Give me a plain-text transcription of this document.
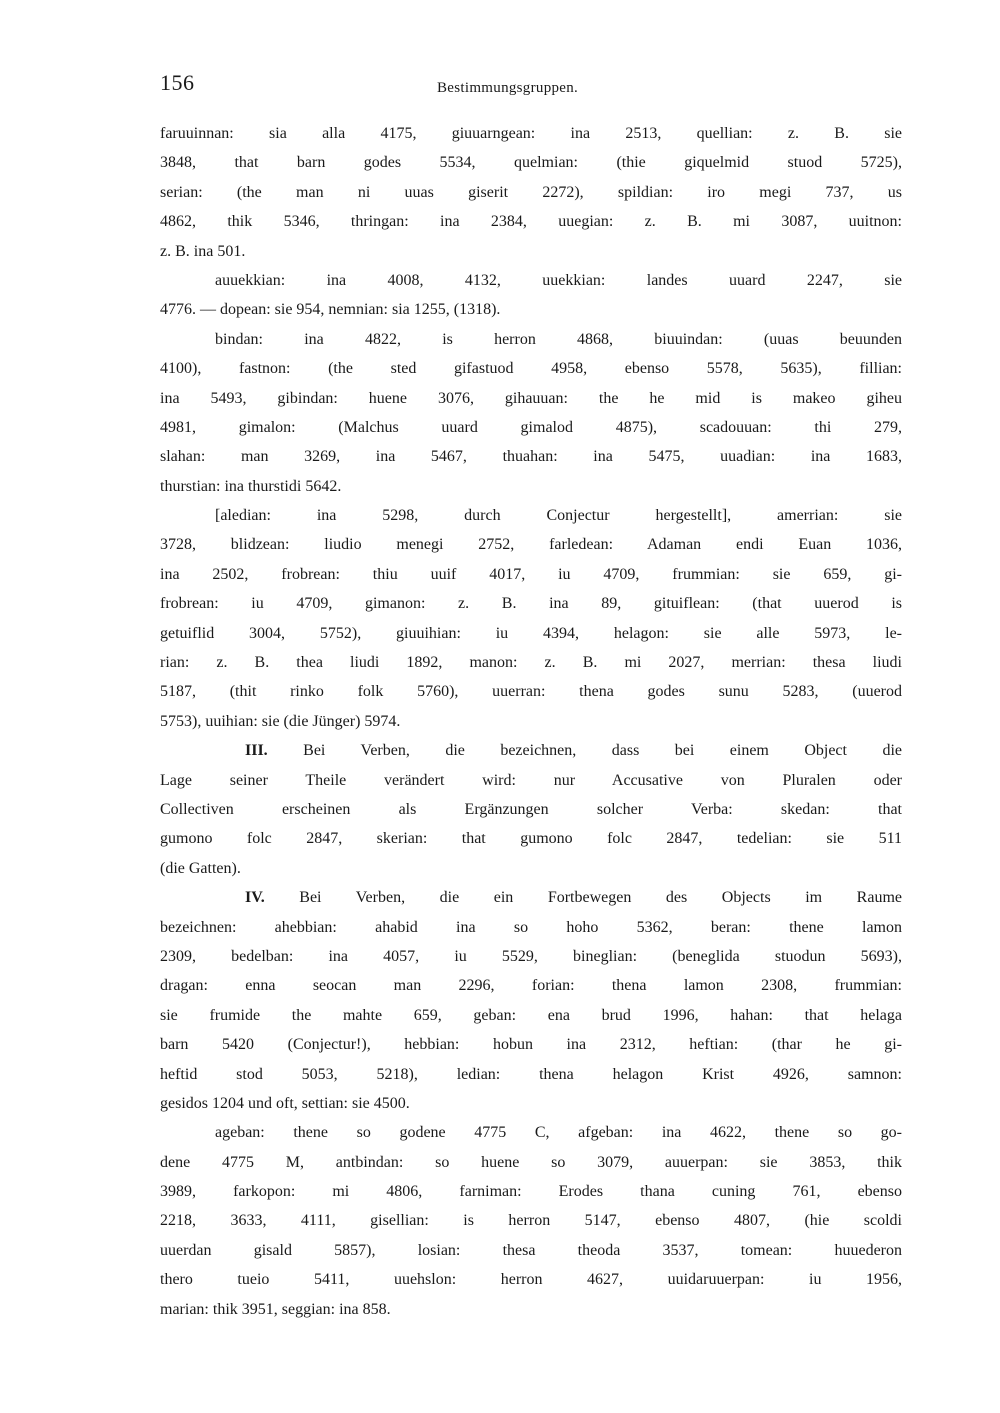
156	Bestimmungsgruppen.
faruuinnan: sia alla 4175, giuuarngean: ina 2513, quellian: z. B. sie
3848, that barn godes 5534, quelmian: (thie giquelmid stuod 5725),
serian: (the man ni uuas giserit 2272), spildian: iro megi 737, us
4862, thik 5346, thringan: ina 2384, uuegian: z. B. mi 3087, uuitnon:
z. B. ina 501.
auuekkian: ina 4008, 4132, uuekkian: landes uuard 2247, sie
4776. — dopean: sie 954, nemnian: sia 1255, (1318).
bindan: ina 4822, is herron 4868, biuuindan: (uuas beuunden
4100), fastnon: (the sted gifastuod 4958, ebenso 5578, 5635), fillian:
ina 5493, gibindan: huene 3076, gihauuan: the he mid is makeo giheu
4981, gimalon: (Malchus uuard gimalod 4875), scadouuan: thi 279,
slahan: man 3269, ina 5467, thuahan: ina 5475, uuadian: ina 1683,
thurstian: ina thurstidi 5642.
[aledian: ina 5298, durch Conjectur hergestellt], amerrian: sie
3728, blidzean: liudio menegi 2752, farledean: Adaman endi Euan 1036,
ina 2502, frobrean: thiu uuif 4017, iu 4709, frummian: sie 659, gi-
frobrean: iu 4709, gimanon: z. B. ina 89, gituiflean: (that uuerod is
getuiflid 3004, 5752), giuuihian: iu 4394, helagon: sie alle 5973, le-
rian: z. B. thea liudi 1892, manon: z. B. mi 2027, merrian: thesa liudi
5187, (thit rinko folk 5760), uuerran: thena godes sunu 5283, (uuerod
5753), uuihian: sie (die Jünger) 5974.
III. Bei Verben, die bezeichnen, dass bei einem Object die
Lage seiner Theile verändert wird: nur Accusative von Pluralen oder
Collectiven erscheinen als Ergänzungen solcher Verba: skedan: that
gumono folc 2847, skerian: that gumono folc 2847, tedelian: sie 511
(die Gatten).
IV. Bei Verben, die ein Fortbewegen des Objects im Raume
bezeichnen: ahebbian: ahabid ina so hoho 5362, beran: thene lamon
2309, bedelban: ina 4057, iu 5529, bineglian: (beneglida stuodun 5693),
dragan: enna seocan man 2296, forian: thena lamon 2308, frummian:
sie frumide the mahte 659, geban: ena brud 1996, hahan: that helaga
barn 5420 (Conjectur!), hebbian: hobun ina 2312, heftian: (thar he gi-
heftid stod 5053, 5218), ledian: thena helagon Krist 4926, samnon:
gesidos 1204 und oft, settian: sie 4500.
ageban: thene so godene 4775 C, afgeban: ina 4622, thene so go-
dene 4775 M, antbindan: so huene so 3079, auuerpan: sie 3853, thik
3989, farkopon: mi 4806, farniman: Erodes thana cuning 761, ebenso
2218, 3633, 4111, gisellian: is herron 5147, ebenso 4807, (hie scoldi
uuerdan gisald 5857), losian: thesa theoda 3537, tomean: huuederon
thero tueio 5411, uuehslon: herron 4627, uuidaruuerpan: iu 1956,
marian: thik 3951, seggian: ina 858.
